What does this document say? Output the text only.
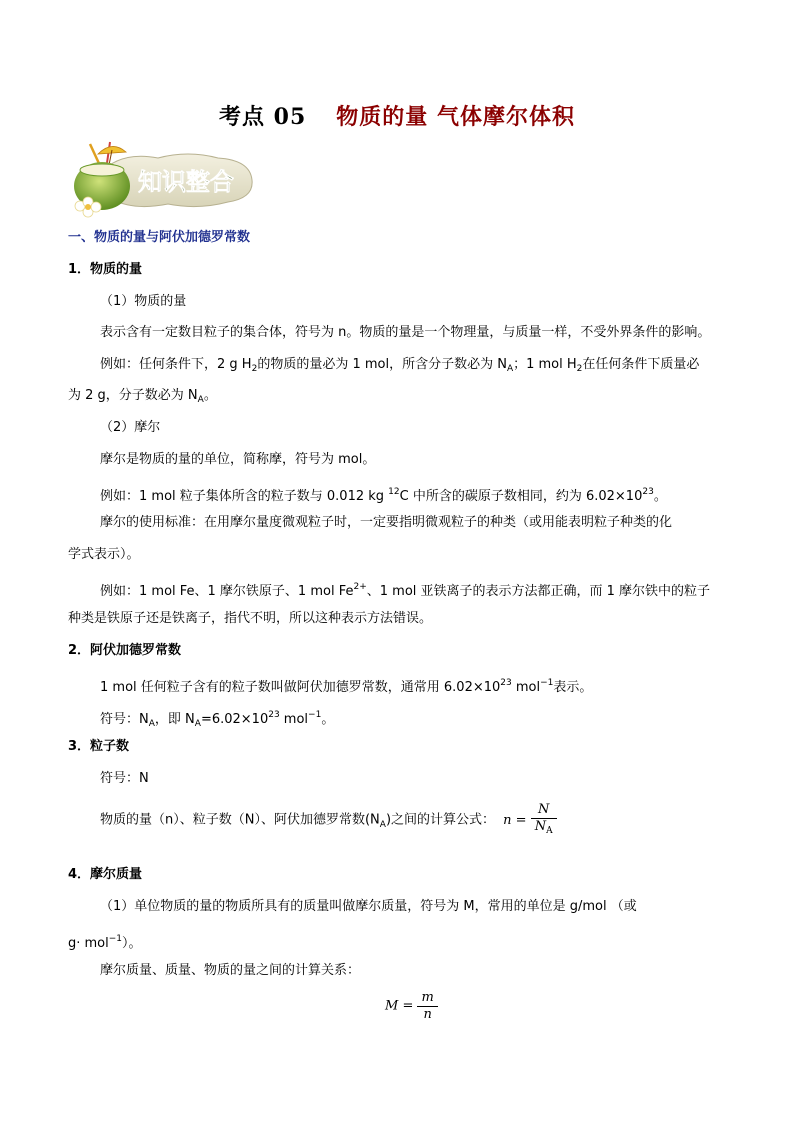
考点 05 物质的量 气体摩尔体积
知识整合
一、物质的量与阿伏加德罗常数
1．物质的量
（1）物质的量
表示含有一定数目粒子的集合体，符号为 n。物质的量是一个物理量，与质量一样，不受外界条件的影响。
例如：任何条件下，2 g $H_2$的物质的量必为 1 mol，所含分子数必为 $N_A$；1 mol $H_2$在任何条件下质量必
为 2 g，分子数必为 $N_A$。
（2）摩尔
摩尔是物质的量的单位，简称摩，符号为 mol。
例如：1 mol 粒子集体所含的粒子数与 0.012 kg $^{12}$C 中所含的碳原子数相同，约为 $6.02\times 10^{23}$。
摩尔的使用标准：在用摩尔量度微观粒子时，一定要指明微观粒子的种类（或用能表明粒子种类的化
学式表示）。
例如：1 mol Fe、1 摩尔铁原子、1 mol $Fe^{2+}$、1 mol 亚铁离子的表示方法都正确，而 1 摩尔铁中的粒子
种类是铁原子还是铁离子，指代不明，所以这种表示方法错误。
2．阿伏加德罗常数
1 mol 任何粒子含有的粒子数叫做阿伏加德罗常数，通常用 $6.02\times 10^{23}$ mol$^{-1}$表示。
符号：$N_A$，即 $N_A=6.02\times 10^{23}$ mol$^{-1}$。
3．粒子数
符号：N
物质的量（n）、粒子数（N）、阿伏加德罗常数$(N_A)$之间的计算公式： $n = \frac{N}{N_A}$
4．摩尔质量
（1）单位物质的量的物质所具有的质量叫做摩尔质量，符号为 M，常用的单位是 g/mol （或
g· mol$^{-1}$）。
摩尔质量、质量、物质的量之间的计算关系：
$M = \frac{m}{n}$
